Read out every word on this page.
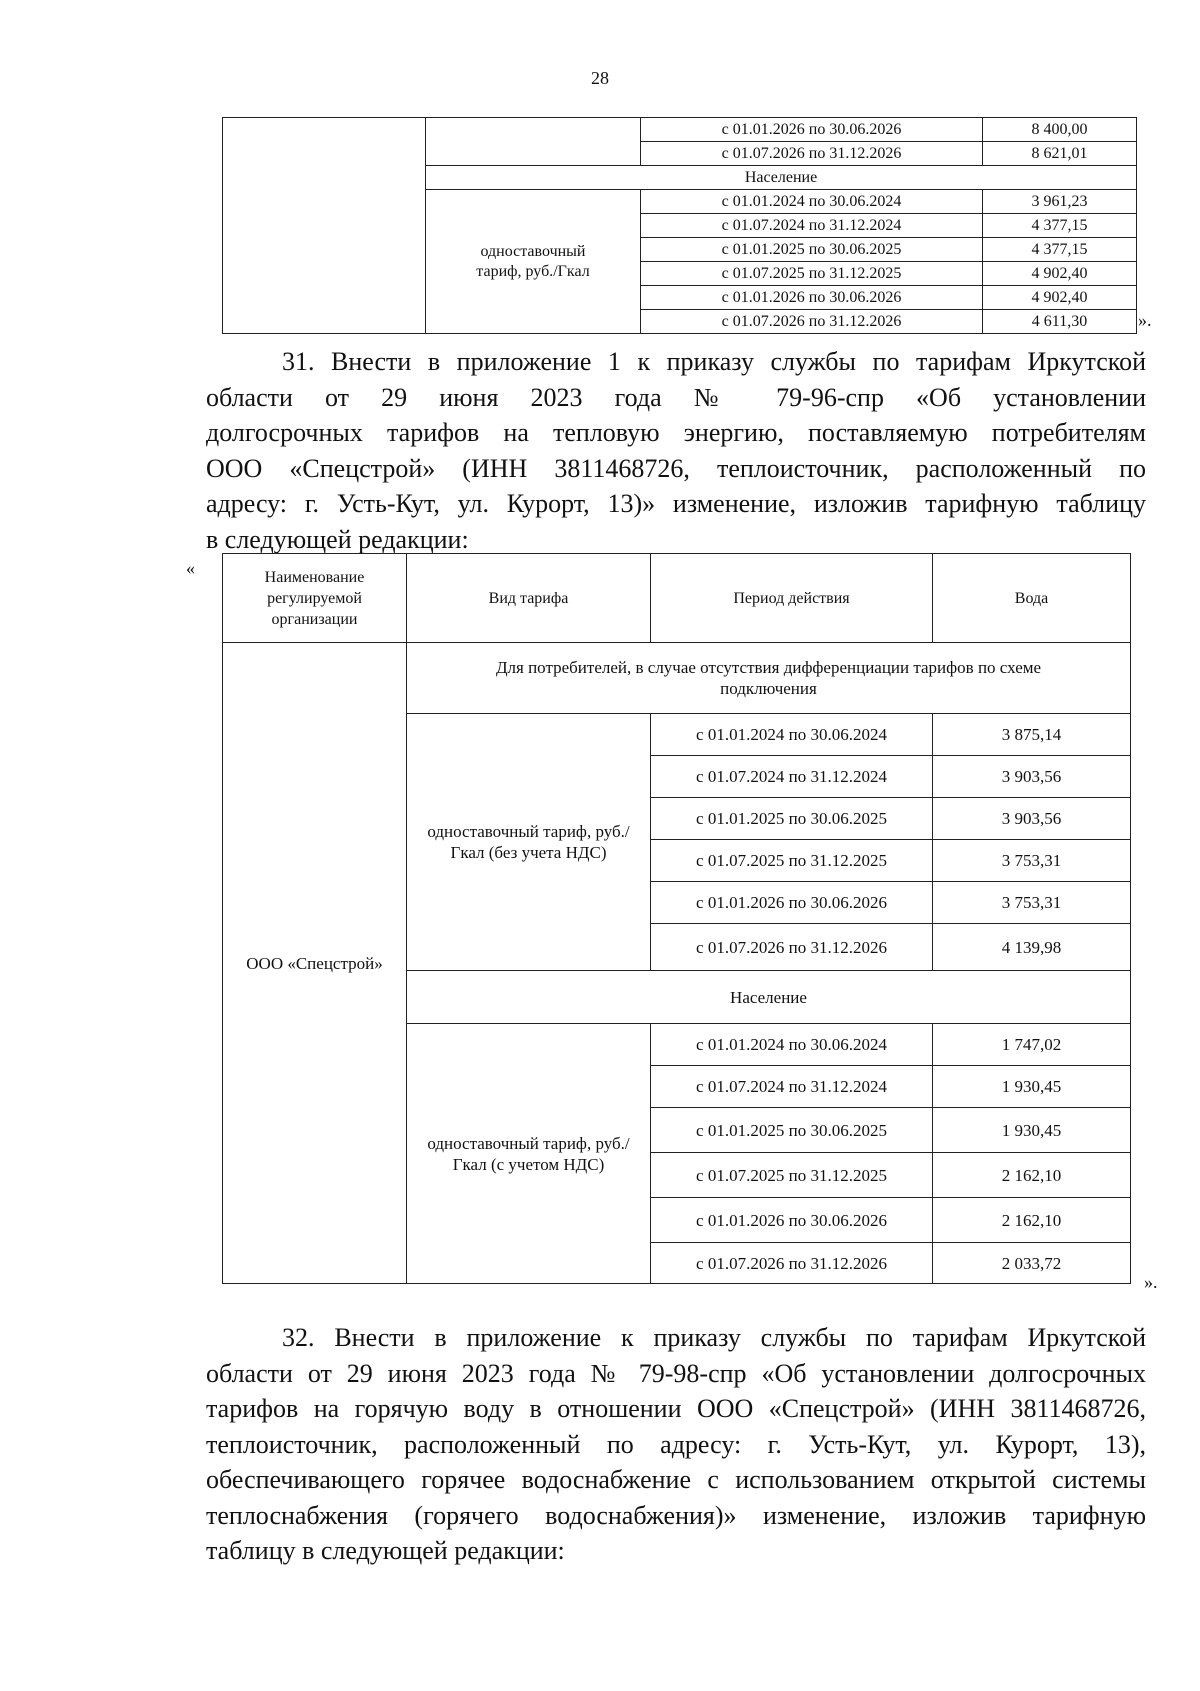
28
		с 01.01.2026 по 30.06.2026	8 400,00
		с 01.07.2026 по 31.12.2026	8 621,01
	Население		
	одноставочный тариф, руб./Гкал	с 01.01.2024 по 30.06.2024	3 961,23
		с 01.07.2024 по 31.12.2024	4 377,15
		с 01.01.2025 по 30.06.2025	4 377,15
		с 01.07.2025 по 31.12.2025	4 902,40
		с 01.01.2026 по 30.06.2026	4 902,40
		с 01.07.2026 по 31.12.2026	4 611,30	».
31. Внести в приложение 1 к приказу службы по тарифам Иркутской
области от 29 июня 2023 года № 79-96-спр «Об установлении
долгосрочных тарифов на тепловую энергию, поставляемую потребителям
ООО «Спецстрой» (ИНН 3811468726, теплоисточник, расположенный по
адресу: г. Усть-Кут, ул. Курорт, 13)» изменение, изложив тарифную таблицу
в следующей редакции:
«	Наименование регулируемой организации	Вид тарифа	Период действия	Вода
ООО «Спецстрой»	Для потребителей, в случае отсутствия дифференциации тарифов по схеме подключения		
	одноставочный тариф, руб./Гкал (без учета НДС)	с 01.01.2024 по 30.06.2024	3 875,14
		с 01.07.2024 по 31.12.2024	3 903,56
		с 01.01.2025 по 30.06.2025	3 903,56
		с 01.07.2025 по 31.12.2025	3 753,31
		с 01.01.2026 по 30.06.2026	3 753,31
		с 01.07.2026 по 31.12.2026	4 139,98
	Население		
	одноставочный тариф, руб./Гкал (с учетом НДС)	с 01.01.2024 по 30.06.2024	1 747,02
		с 01.07.2024 по 31.12.2024	1 930,45
		с 01.01.2025 по 30.06.2025	1 930,45
		с 01.07.2025 по 31.12.2025	2 162,10
		с 01.01.2026 по 30.06.2026	2 162,10
		с 01.07.2026 по 31.12.2026	2 033,72
».
32. Внести в приложение к приказу службы по тарифам Иркутской
области от 29 июня 2023 года № 79-98-спр «Об установлении долгосрочных
тарифов на горячую воду в отношении ООО «Спецстрой» (ИНН 3811468726,
теплоисточник, расположенный по адресу: г. Усть-Кут, ул. Курорт, 13),
обеспечивающего горячее водоснабжение с использованием открытой системы
теплоснабжения (горячего водоснабжения)» изменение, изложив тарифную
таблицу в следующей редакции:
